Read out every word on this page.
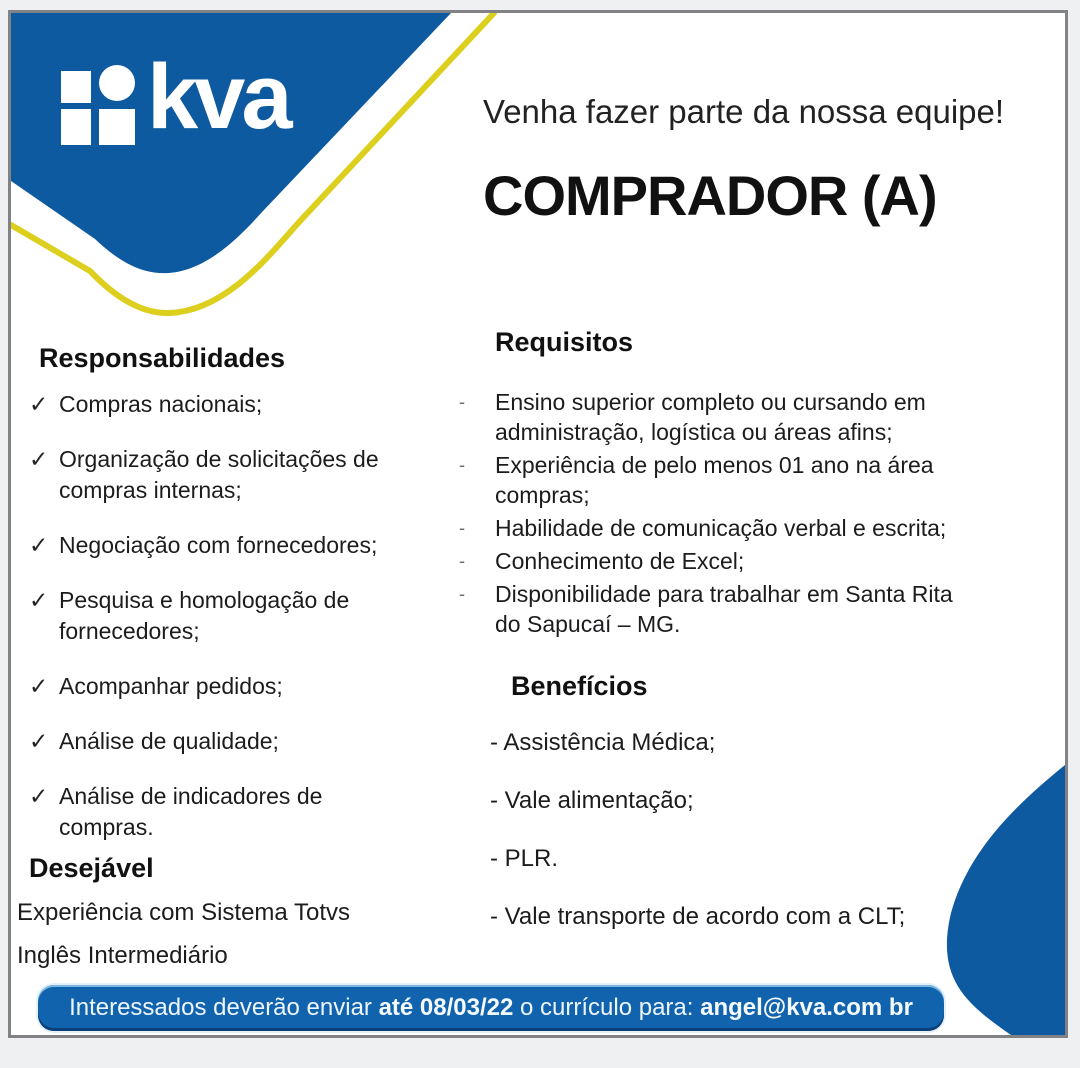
kva	Venha fazer parte da nossa equipe!
COMPRADOR (A)
Responsabilidades
✓ Compras nacionais;
✓ Organização de solicitações de compras internas;
✓ Negociação com fornecedores;
✓ Pesquisa e homologação de fornecedores;
✓ Acompanhar pedidos;
✓ Análise de qualidade;
✓ Análise de indicadores de compras.
Desejável

Experiência com Sistema Totvs

Inglês Intermediário

Requisitos
-	Ensino superior completo ou cursando em administração, logística ou áreas afins;
-	Experiência de pelo menos 01 ano na área compras;
-	Habilidade de comunicação verbal e escrita;
-	Conhecimento de Excel;
-	Disponibilidade para trabalhar em Santa Rita do Sapucaí – MG.
Benefícios

- Assistência Médica;

- Vale alimentação;

- PLR.

- Vale transporte de acordo com a CLT;

Interessados deverão enviar até 08/03/22 o currículo para: angel@kva.com br
